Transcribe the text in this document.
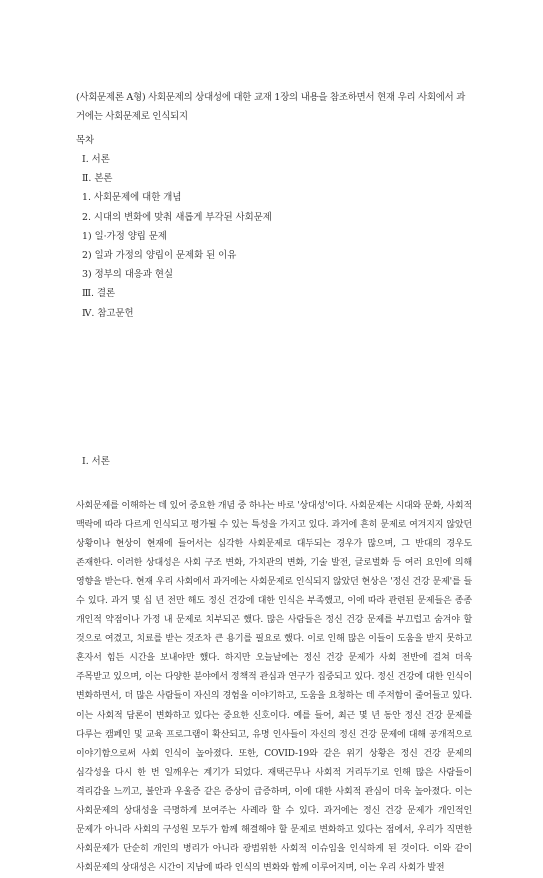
(사회문제론 A형) 사회문제의 상대성에 대한 교재 1장의 내용을 참조하면서 현재 우리 사회에서 과거에는 사회문제로 인식되지
목차
Ⅰ. 서론
Ⅱ. 본론
1. 사회문제에 대한 개념
2. 시대의 변화에 맞춰 새롭게 부각된 사회문제
1) 일·가정 양립 문제
2) 일과 가정의 양립이 문제화 된 이유
3) 정부의 대응과 현실
Ⅲ. 결론
Ⅳ. 참고문헌
Ⅰ. 서론

사회문제를 이해하는 데 있어 중요한 개념 중 하나는 바로 '상대성'이다. 사회문제는 시대와 문화, 사회적 맥락에 따라 다르게 인식되고 평가될 수 있는 특성을 가지고 있다. 과거에 흔히 문제로 여겨지지 않았던 상황이나 현상이 현재에 들어서는 심각한 사회문제로 대두되는 경우가 많으며, 그 반대의 경우도 존재한다. 이러한 상대성은 사회 구조 변화, 가치관의 변화, 기술 발전, 글로벌화 등 여러 요인에 의해 영향을 받는다. 현재 우리 사회에서 과거에는 사회문제로 인식되지 않았던 현상은 '정신 건강 문제'를 들 수 있다. 과거 몇 십 년 전만 해도 정신 건강에 대한 인식은 부족했고, 이에 따라 관련된 문제들은 종종 개인적 약점이나 가정 내 문제로 치부되곤 했다. 많은 사람들은 정신 건강 문제를 부끄럽고 숨겨야 할 것으로 여겼고, 치료를 받는 것조차 큰 용기를 필요로 했다. 이로 인해 많은 이들이 도움을 받지 못하고 혼자서 힘든 시간을 보내야만 했다. 하지만 오늘날에는 정신 건강 문제가 사회 전반에 걸쳐 더욱 주목받고 있으며, 이는 다양한 분야에서 정책적 관심과 연구가 집중되고 있다. 정신 건강에 대한 인식이 변화하면서, 더 많은 사람들이 자신의 경험을 이야기하고, 도움을 요청하는 데 주저함이 줄어들고 있다. 이는 사회적 담론이 변화하고 있다는 중요한 신호이다. 예를 들어, 최근 몇 년 동안 정신 건강 문제를 다루는 캠페인 및 교육 프로그램이 확산되고, 유명 인사들이 자신의 정신 건강 문제에 대해 공개적으로 이야기함으로써 사회 인식이 높아졌다. 또한, COVID-19와 같은 위기 상황은 정신 건강 문제의 심각성을 다시 한 번 일깨우는 계기가 되었다. 재택근무나 사회적 거리두기로 인해 많은 사람들이 격리감을 느끼고, 불안과 우울증 같은 증상이 급증하며, 이에 대한 사회적 관심이 더욱 높아졌다. 이는 사회문제의 상대성을 극명하게 보여주는 사례라 할 수 있다. 과거에는 정신 건강 문제가 개인적인 문제가 아니라 사회의 구성원 모두가 함께 해결해야 할 문제로 변화하고 있다는 점에서, 우리가 직면한 사회문제가 단순히 개인의 병리가 아니라 광범위한 사회적 이슈임을 인식하게 된 것이다. 이와 같이 사회문제의 상대성은 시간이 지남에 따라 인식의 변화와 함께 이루어지며, 이는 우리 사회가 발전
